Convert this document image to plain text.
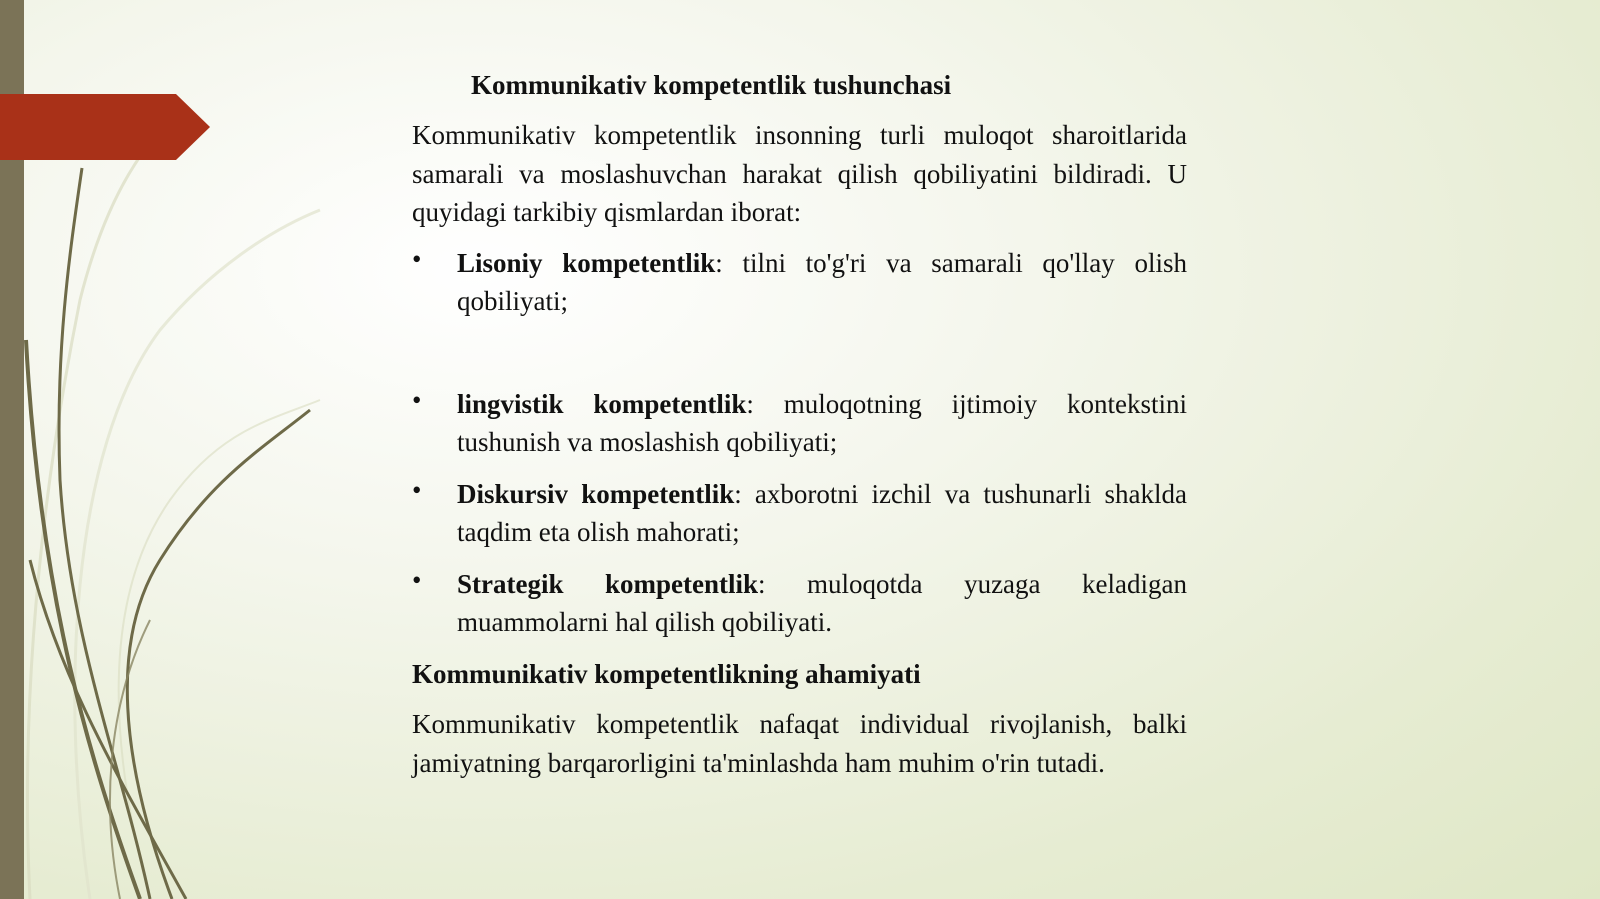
Kommunikativ kompetentlik tushunchasi

Kommunikativ kompetentlik insonning turli muloqot sharoitlarida samarali va moslashuvchan harakat qilish qobiliyatini bildiradi. U quyidagi tarkibiy qismlardan iborat:

• Lisoniy kompetentlik: tilni to'g'ri va samarali qo'llay olish qobiliyati;
• lingvistik kompetentlik: muloqotning ijtimoiy kontekstini tushunish va moslashish qobiliyati;
• Diskursiv kompetentlik: axborotni izchil va tushunarli shaklda taqdim eta olish mahorati;
• Strategik kompetentlik: muloqotda yuzaga keladigan muammolarni hal qilish qobiliyati.

Kommunikativ kompetentlikning ahamiyati

Kommunikativ kompetentlik nafaqat individual rivojlanish, balki jamiyatning barqarorligini ta'minlashda ham muhim o'rin tutadi.
